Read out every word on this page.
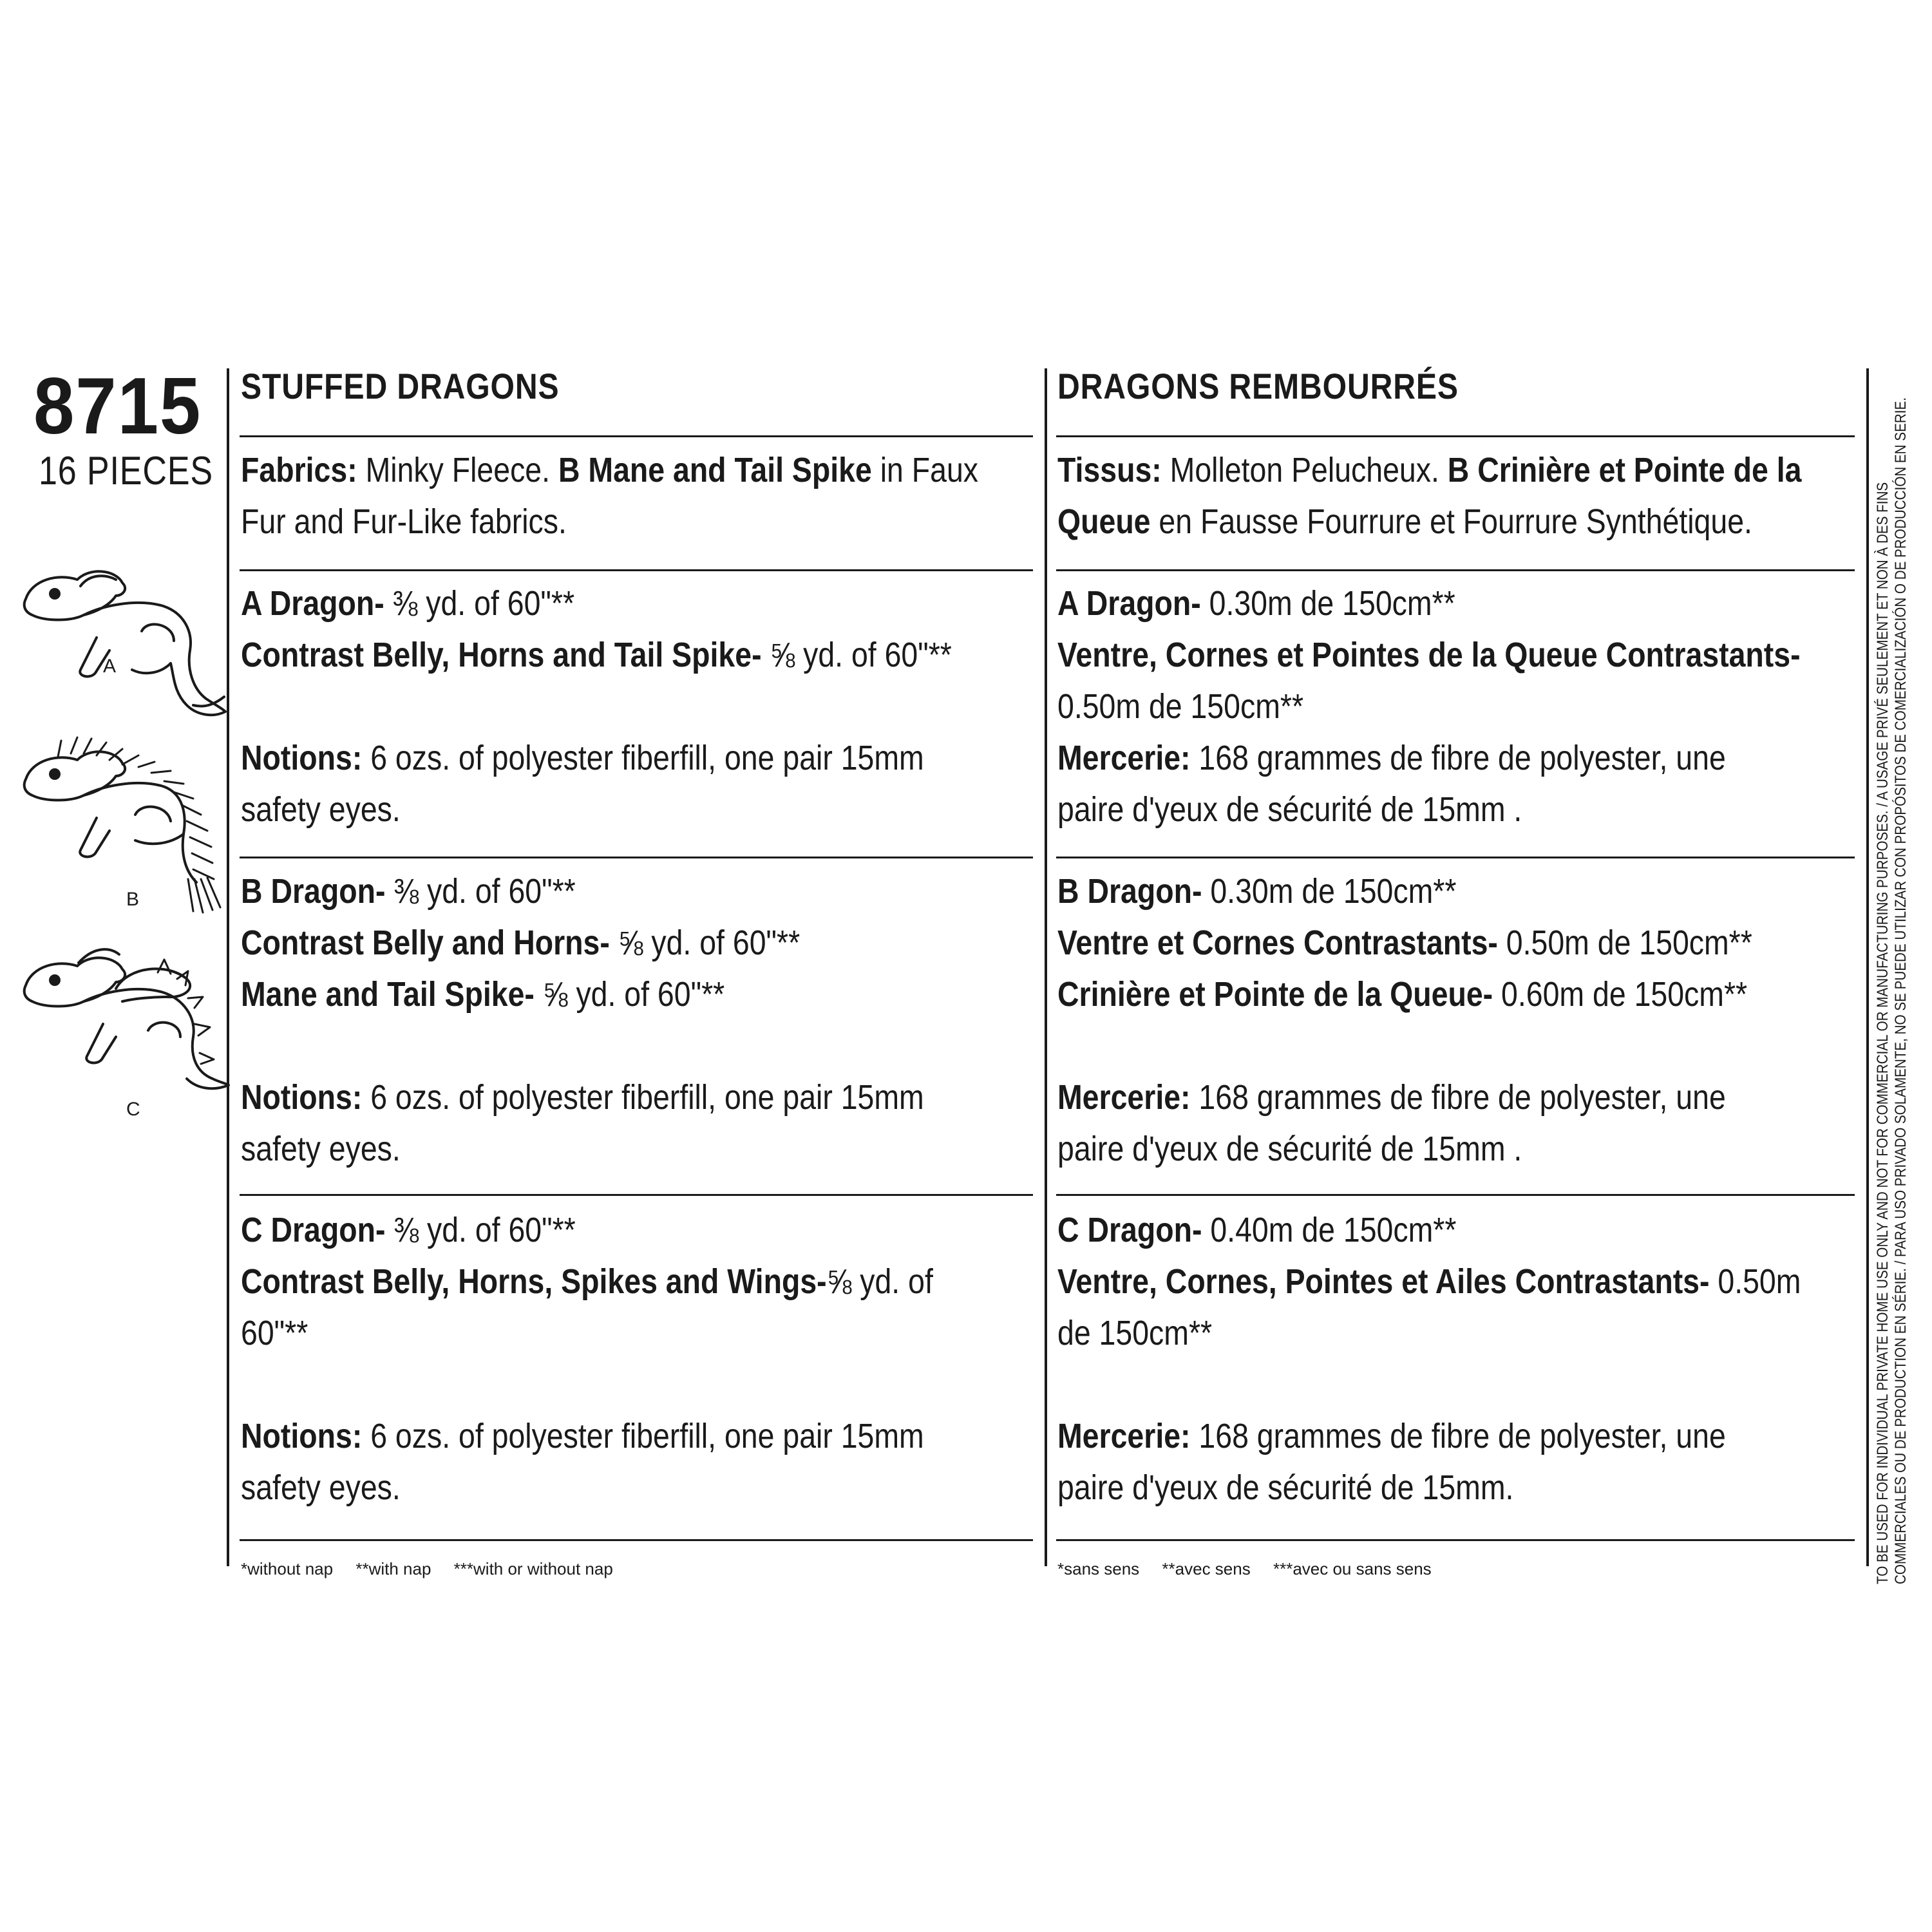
8715
16 PIECES
A
B
C
STUFFED DRAGONS
Fabrics: Minky Fleece. B Mane and Tail Spike in Faux
Fur and Fur-Like fabrics.
A Dragon- ⅜ yd. of 60"**
Contrast Belly, Horns and Tail Spike- ⅝ yd. of 60"**

Notions: 6 ozs. of polyester fiberfill, one pair 15mm
safety eyes.
B Dragon- ⅜ yd. of 60"**
Contrast Belly and Horns- ⅝ yd. of 60"**
Mane and Tail Spike- ⅝ yd. of 60"**

Notions: 6 ozs. of polyester fiberfill, one pair 15mm
safety eyes.
C Dragon- ⅜ yd. of 60"**
Contrast Belly, Horns, Spikes and Wings-⅝ yd. of
60"**

Notions: 6 ozs. of polyester fiberfill, one pair 15mm
safety eyes.
*without nap **with nap ***with or without nap
DRAGONS REMBOURRÉS
Tissus: Molleton Pelucheux. B Crinière et Pointe de la
Queue en Fausse Fourrure et Fourrure Synthétique.
A Dragon- 0.30m de 150cm**
Ventre, Cornes et Pointes de la Queue Contrastants-
0.50m de 150cm**
Mercerie: 168 grammes de fibre de polyester, une
paire d'yeux de sécurité de 15mm .
B Dragon- 0.30m de 150cm**
Ventre et Cornes Contrastants- 0.50m de 150cm**
Crinière et Pointe de la Queue- 0.60m de 150cm**

Mercerie: 168 grammes de fibre de polyester, une
paire d'yeux de sécurité de 15mm .
C Dragon- 0.40m de 150cm**
Ventre, Cornes, Pointes et Ailes Contrastants- 0.50m
de 150cm**

Mercerie: 168 grammes de fibre de polyester, une
paire d'yeux de sécurité de 15mm.
*sans sens **avec sens ***avec ou sans sens	TO BE USED FOR INDIVIDUAL PRIVATE HOME USE ONLY AND NOT FOR COMMERCIAL OR MANUFACTURING PURPOSES. / A USAGE PRIVÉ SEULEMENT ET NON À DES FINS COMMERCIALES OU DE PRODUCTION EN SÉRIE. / PARA USO PRIVADO SOLAMENTE, NO SE PUEDE UTILIZAR CON PROPÓSITOS DE COMERCIALIZACIÓN O DE PRODUCCIÓN EN SERIE.
